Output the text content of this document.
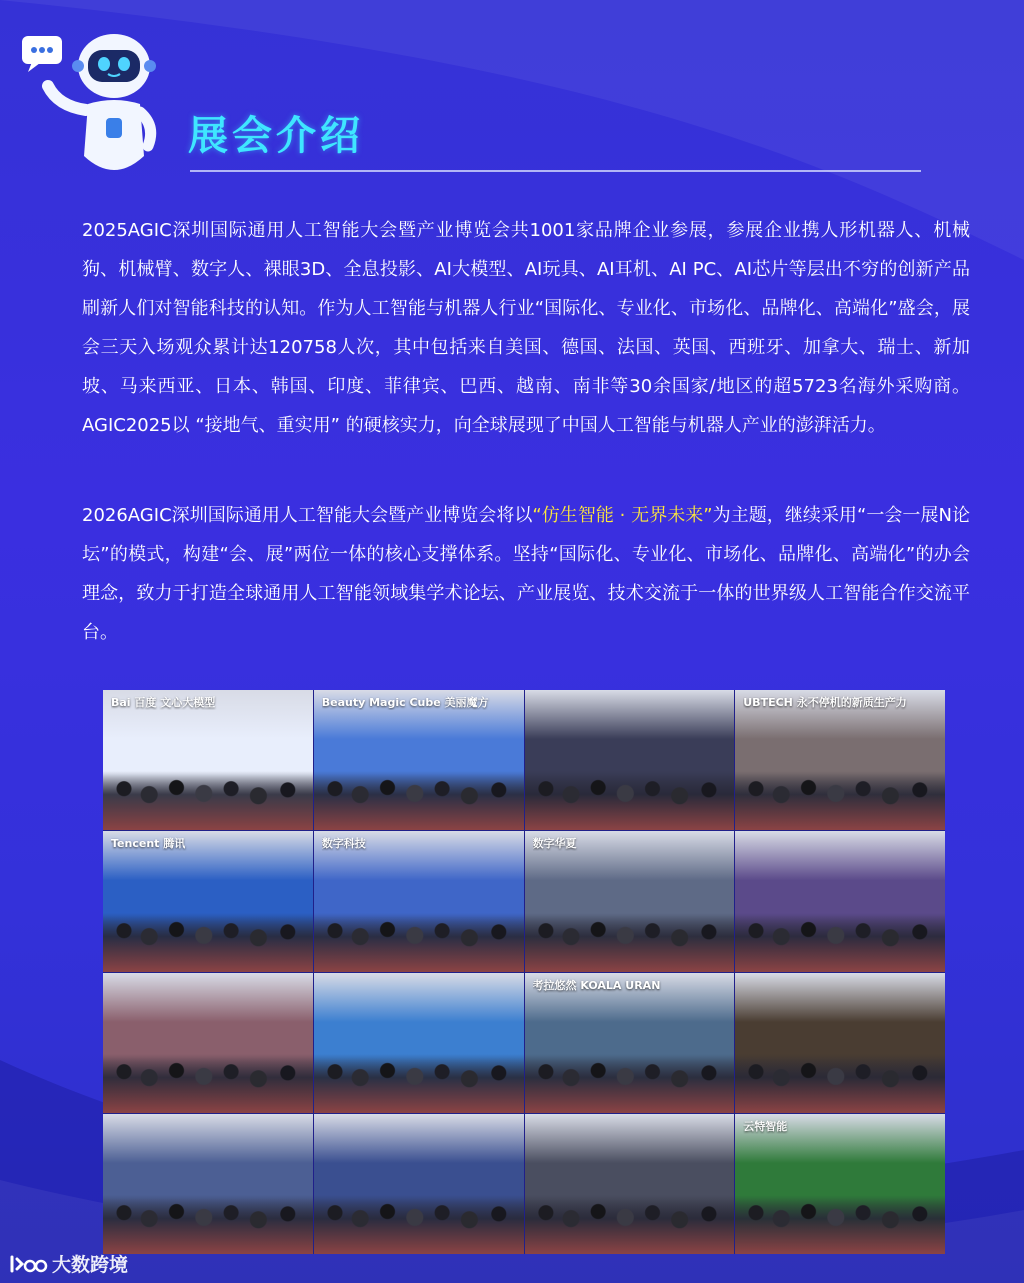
展会介绍

2025AGIC深圳国际通用人工智能大会暨产业博览会共1001家品牌企业参展，参展企业携人形机器人、机械狗、机械臂、数字人、裸眼3D、全息投影、AI大模型、AI玩具、AI耳机、AI PC、AI芯片等层出不穷的创新产品刷新人们对智能科技的认知。作为人工智能与机器人行业“国际化、专业化、市场化、品牌化、高端化”盛会，展会三天入场观众累计达120758人次，其中包括来自美国、德国、法国、英国、西班牙、加拿大、瑞士、新加坡、马来西亚、日本、韩国、印度、菲律宾、巴西、越南、南非等30余国家/地区的超5723名海外采购商。AGIC2025以 “接地气、重实用” 的硬核实力，向全球展现了中国人工智能与机器人产业的澎湃活力。

2026AGIC深圳国际通用人工智能大会暨产业博览会将以“仿生智能 · 无界未来”为主题，继续采用“一会一展N论坛”的模式，构建“会、展”两位一体的核心支撑体系。坚持“国际化、专业化、市场化、品牌化、高端化”的办会理念，致力于打造全球通用人工智能领域集学术论坛、产业展览、技术交流于一体的世界级人工智能合作交流平台。

Bai 百度 文心大模型	Beauty Magic Cube 美丽魔方	UBTECH 永不停机的新质生产力
Tencent 腾讯	数字科技	数字华夏
考拉悠然 KOALA URAN
云特智能
大数跨境
